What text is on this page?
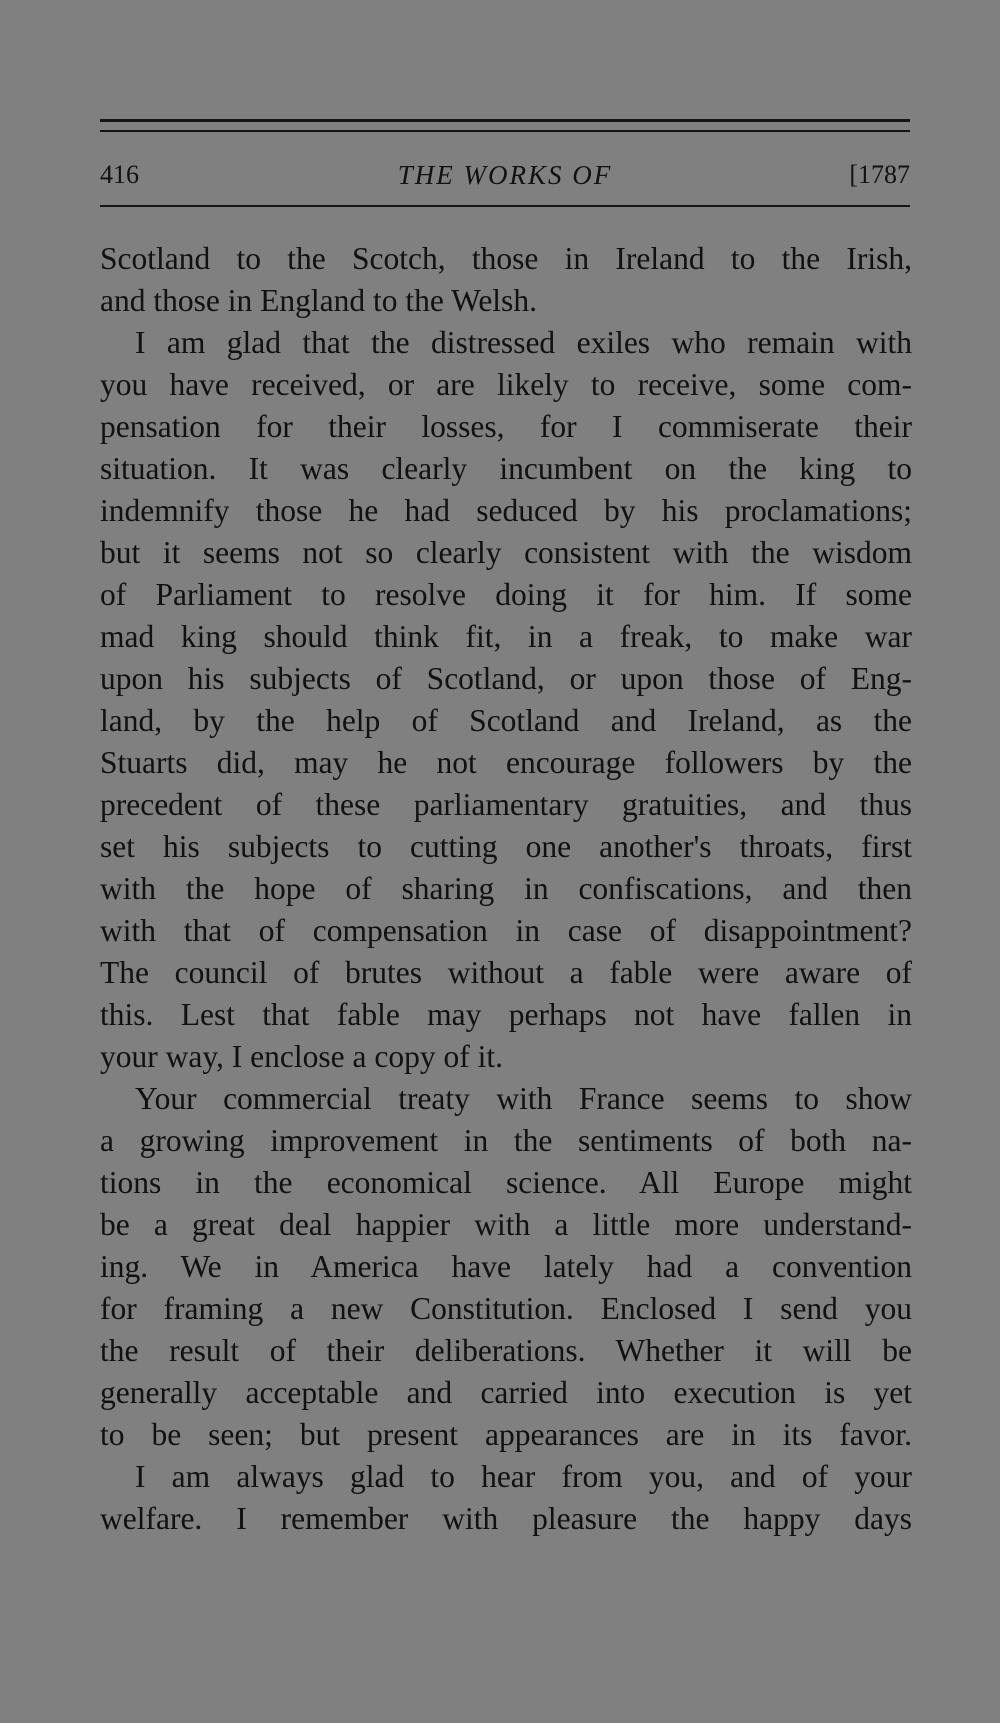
416	THE WORKS OF	[1787
Scotland to the Scotch, those in Ireland to the Irish,
and those in England to the Welsh.
I am glad that the distressed exiles who remain with
you have received, or are likely to receive, some com-
pensation for their losses, for I commiserate their
situation. It was clearly incumbent on the king to
indemnify those he had seduced by his proclamations;
but it seems not so clearly consistent with the wisdom
of Parliament to resolve doing it for him. If some
mad king should think fit, in a freak, to make war
upon his subjects of Scotland, or upon those of Eng-
land, by the help of Scotland and Ireland, as the
Stuarts did, may he not encourage followers by the
precedent of these parliamentary gratuities, and thus
set his subjects to cutting one another's throats, first
with the hope of sharing in confiscations, and then
with that of compensation in case of disappointment?
The council of brutes without a fable were aware of
this. Lest that fable may perhaps not have fallen in
your way, I enclose a copy of it.
Your commercial treaty with France seems to show
a growing improvement in the sentiments of both na-
tions in the economical science. All Europe might
be a great deal happier with a little more understand-
ing. We in America have lately had a convention
for framing a new Constitution. Enclosed I send you
the result of their deliberations. Whether it will be
generally acceptable and carried into execution is yet
to be seen; but present appearances are in its favor.
I am always glad to hear from you, and of your
welfare. I remember with pleasure the happy days
